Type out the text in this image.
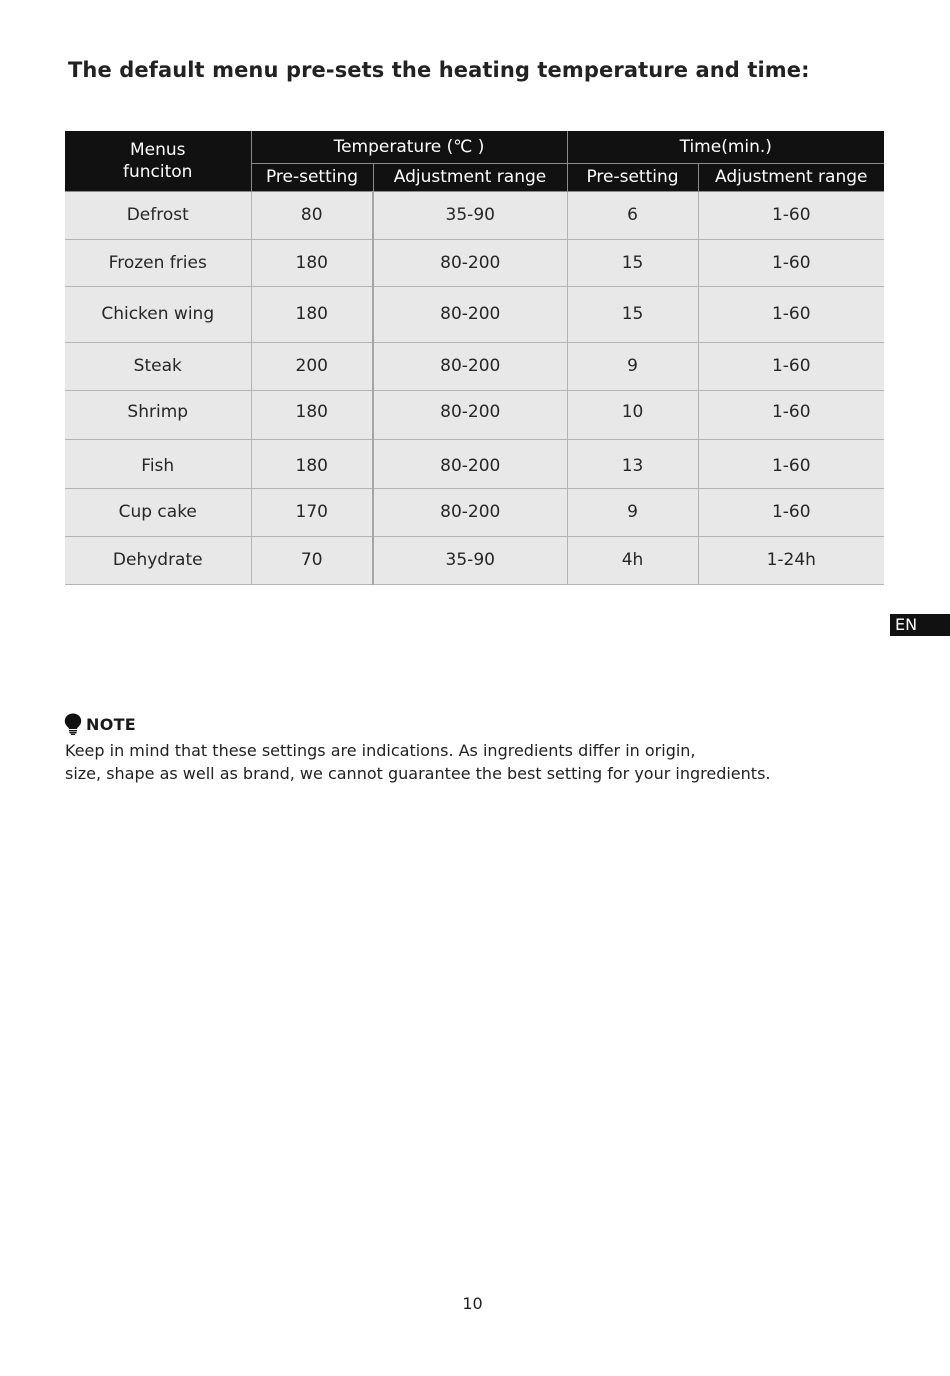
The default menu pre-sets the heating temperature and time:
Menus funciton	Temperature (℃ )		Time(min.)	
	Pre-setting	Adjustment range	Pre-setting	Adjustment range
Defrost	80	35-90	6	1-60
Frozen fries	180	80-200	15	1-60
Chicken wing	180	80-200	15	1-60
Steak	200	80-200	9	1-60
Shrimp	180	80-200	10	1-60
Fish	180	80-200	13	1-60
Cup cake	170	80-200	9	1-60
Dehydrate	70	35-90	4h	1-24h
EN
NOTE

Keep in mind that these settings are indications. As ingredients differ in origin,
size, shape as well as brand, we cannot guarantee the best setting for your ingredients.

10
